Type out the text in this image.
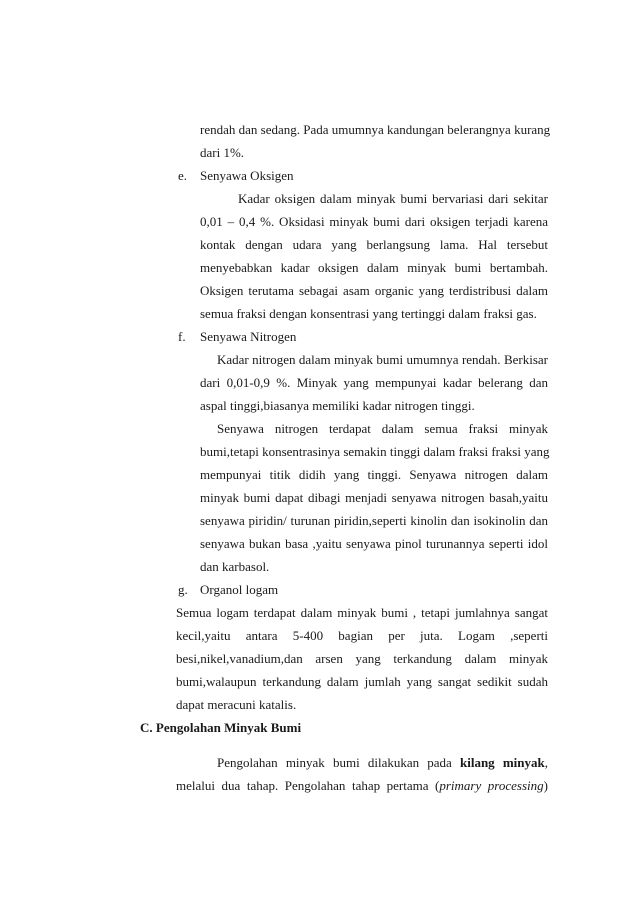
rendah dan sedang. Pada umumnya kandungan belerangnya kurang
dari 1%.
e. Senyawa Oksigen
Kadar oksigen dalam minyak bumi bervariasi dari sekitar
0,01 – 0,4 %. Oksidasi minyak bumi dari oksigen terjadi karena
kontak dengan udara yang berlangsung lama. Hal tersebut
menyebabkan kadar oksigen dalam minyak bumi bertambah.
Oksigen terutama sebagai asam organic yang terdistribusi dalam
semua fraksi dengan konsentrasi yang tertinggi dalam fraksi gas.
f. Senyawa Nitrogen
Kadar nitrogen dalam minyak bumi umumnya rendah. Berkisar
dari 0,01-0,9 %. Minyak yang mempunyai kadar belerang dan
aspal tinggi,biasanya memiliki kadar nitrogen tinggi.
Senyawa nitrogen terdapat dalam semua fraksi minyak
bumi,tetapi konsentrasinya semakin tinggi dalam fraksi fraksi yang
mempunyai titik didih yang tinggi. Senyawa nitrogen dalam
minyak bumi dapat dibagi menjadi senyawa nitrogen basah,yaitu
senyawa piridin/ turunan piridin,seperti kinolin dan isokinolin dan
senyawa bukan basa ,yaitu senyawa pinol turunannya seperti idol
dan karbasol.
g. Organol logam
Semua logam terdapat dalam minyak bumi , tetapi jumlahnya sangat
kecil,yaitu antara 5-400 bagian per juta. Logam ,seperti
besi,nikel,vanadium,dan arsen yang terkandung dalam minyak
bumi,walaupun terkandung dalam jumlah yang sangat sedikit sudah
dapat meracuni katalis.
C. Pengolahan Minyak Bumi
Pengolahan minyak bumi dilakukan pada kilang minyak,
melalui dua tahap. Pengolahan tahap pertama (primary processing)
